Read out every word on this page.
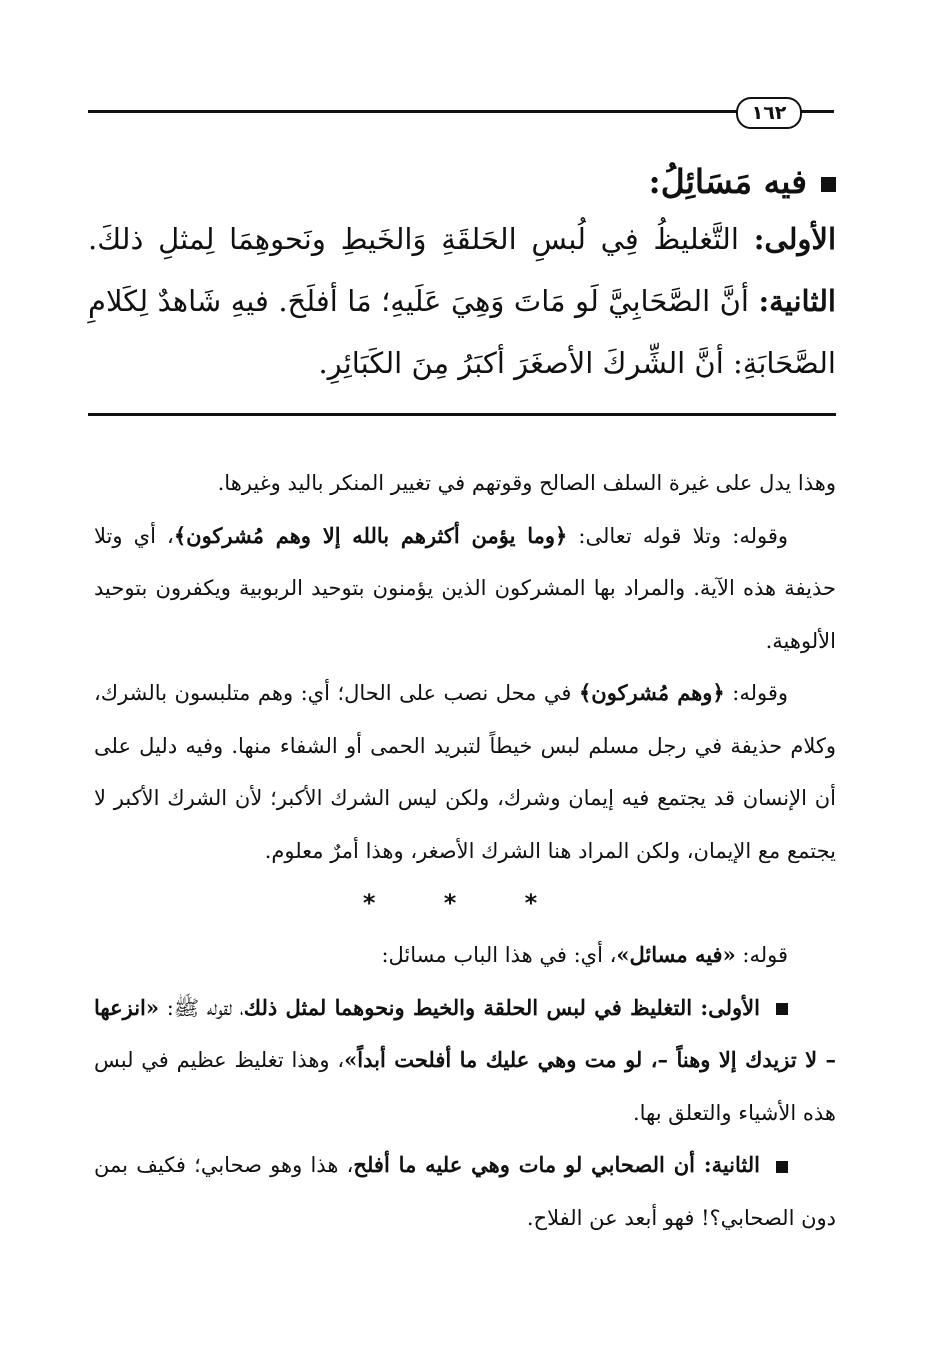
١٦٢
فيه مَسَائِلُ:
الأولى: التَّغليظُ فِي لُبسِ الحَلقَةِ وَالخَيطِ ونَحوهِمَا لِمثلِ ذلكَ.
الثانية: أنَّ الصَّحَابِيَّ لَو مَاتَ وَهِيَ عَلَيهِ؛ مَا أفلَحَ. فيهِ شَاهدٌ لِكَلامِ
الصَّحَابَةِ: أنَّ الشِّركَ الأصغَرَ أكبَرُ مِنَ الكَبَائِرِ.

وهذا يدل على غيرة السلف الصالح وقوتهم في تغيير المنكر باليد وغيرها.

وقوله: وتلا قوله تعالى: ﴿وما يؤمن أكثرهم بالله إلا وهم مُشركون﴾، أي وتلا حذيفة هذه الآية. والمراد بها المشركون الذين يؤمنون بتوحيد الربوبية ويكفرون بتوحيد الألوهية.

وقوله: ﴿وهم مُشركون﴾ في محل نصب على الحال؛ أي: وهم متلبسون بالشرك، وكلام حذيفة في رجل مسلم لبس خيطاً لتبريد الحمى أو الشفاء منها. وفيه دليل على أن الإنسان قد يجتمع فيه إيمان وشرك، ولكن ليس الشرك الأكبر؛ لأن الشرك الأكبر لا يجتمع مع الإيمان، ولكن المراد هنا الشرك الأصغر، وهذا أمرٌ معلوم.

* * *

قوله: «فيه مسائل»، أي: في هذا الباب مسائل:

الأولى: التغليظ في لبس الحلقة والخيط ونحوهما لمثل ذلك، لقوله ﷺ: «انزعها – لا تزيدك إلا وهناً –، لو مت وهي عليك ما أفلحت أبداً»، وهذا تغليظ عظيم في لبس هذه الأشياء والتعلق بها.

الثانية: أن الصحابي لو مات وهي عليه ما أفلح، هذا وهو صحابي؛ فكيف بمن دون الصحابي؟! فهو أبعد عن الفلاح.
